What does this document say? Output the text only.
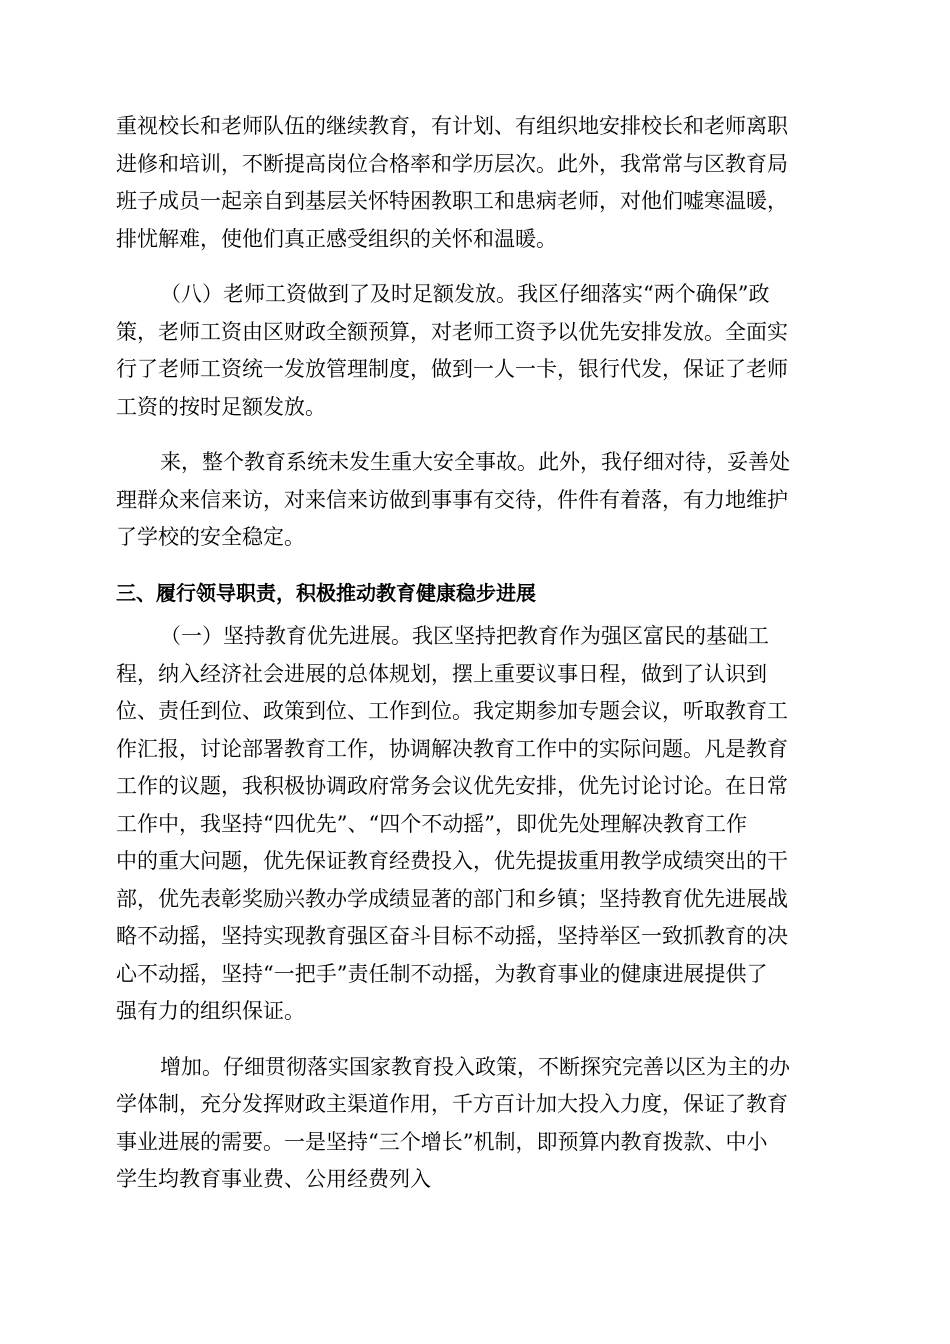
重视校长和老师队伍的继续教育，有计划、有组织地安排校长和老师离职
进修和培训，不断提高岗位合格率和学历层次。此外，我常常与区教育局
班子成员一起亲自到基层关怀特困教职工和患病老师，对他们嘘寒温暖，
排忧解难，使他们真正感受组织的关怀和温暖。
（八）老师工资做到了及时足额发放。我区仔细落实“两个确保”政
策，老师工资由区财政全额预算，对老师工资予以优先安排发放。全面实
行了老师工资统一发放管理制度，做到一人一卡，银行代发，保证了老师
工资的按时足额发放。
来，整个教育系统未发生重大安全事故。此外，我仔细对待，妥善处
理群众来信来访，对来信来访做到事事有交待，件件有着落，有力地维护
了学校的安全稳定。
三、履行领导职责，积极推动教育健康稳步进展
（一）坚持教育优先进展。我区坚持把教育作为强区富民的基础工
程，纳入经济社会进展的总体规划，摆上重要议事日程，做到了认识到
位、责任到位、政策到位、工作到位。我定期参加专题会议，听取教育工
作汇报，讨论部署教育工作，协调解决教育工作中的实际问题。凡是教育
工作的议题，我积极协调政府常务会议优先安排，优先讨论讨论。在日常
工作中，我坚持“四优先”、“四个不动摇”，即优先处理解决教育工作
中的重大问题，优先保证教育经费投入，优先提拔重用教学成绩突出的干
部，优先表彰奖励兴教办学成绩显著的部门和乡镇；坚持教育优先进展战
略不动摇，坚持实现教育强区奋斗目标不动摇，坚持举区一致抓教育的决
心不动摇，坚持“一把手”责任制不动摇，为教育事业的健康进展提供了
强有力的组织保证。
增加。仔细贯彻落实国家教育投入政策，不断探究完善以区为主的办
学体制，充分发挥财政主渠道作用，千方百计加大投入力度，保证了教育
事业进展的需要。一是坚持“三个增长”机制，即预算内教育拨款、中小
学生均教育事业费、公用经费列入
